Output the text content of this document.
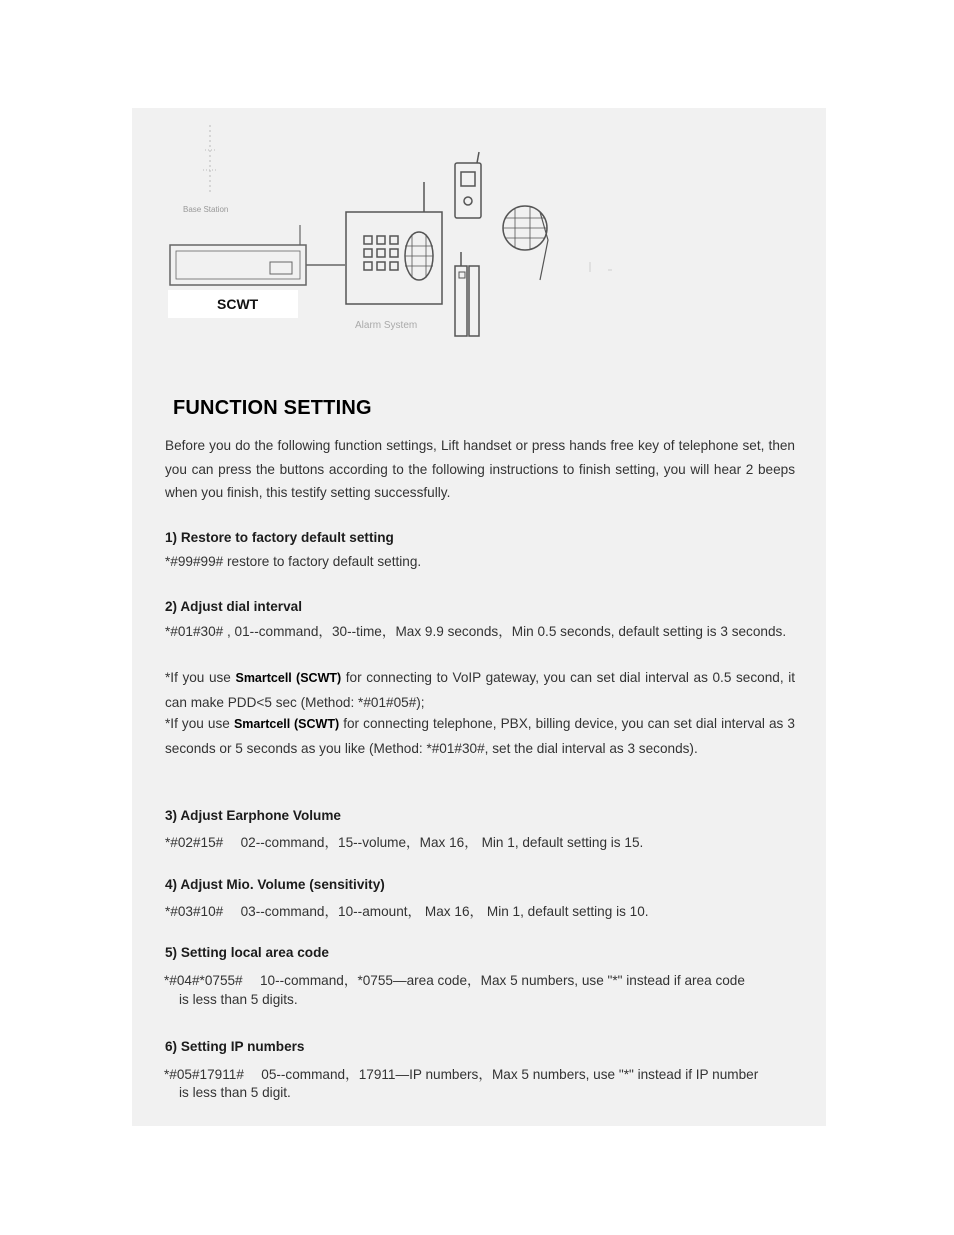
Base Station
Alarm System
SCWT
FUNCTION SETTING
Before you do the following function settings, Lift handset or press hands free key of telephone set, then you can press the buttons according to the following instructions to finish setting, you will hear 2 beeps when you finish, this testify setting successfully.
1) Restore to factory default setting
*#99#99# restore to factory default setting.
2) Adjust dial interval
*#01#30# , 01--command，30--time，Max 9.9 seconds，Min 0.5 seconds, default setting is 3 seconds.
*If you use Smartcell (SCWT) for connecting to VoIP gateway, you can set dial interval as 0.5 second, it can make PDD<5 sec (Method: *#01#05#);
*If you use Smartcell (SCWT) for connecting telephone, PBX, billing device, you can set dial interval as 3 seconds or 5 seconds as you like (Method: *#01#30#, set the dial interval as 3 seconds).
3) Adjust Earphone Volume
*#02#15#　 02--command，15--volume，Max 16， Min 1, default setting is 15.
4) Adjust Mio. Volume (sensitivity)
*#03#10#　 03--command，10--amount， Max 16， Min 1, default setting is 10.
5) Setting local area code
*#04#*0755#　 10--command，*0755—area code，Max 5 numbers, use "*" instead if area code
is less than 5 digits.
6) Setting IP numbers
*#05#17911#　 05--command，17911—IP numbers，Max 5 numbers, use "*" instead if IP number
is less than 5 digit.
